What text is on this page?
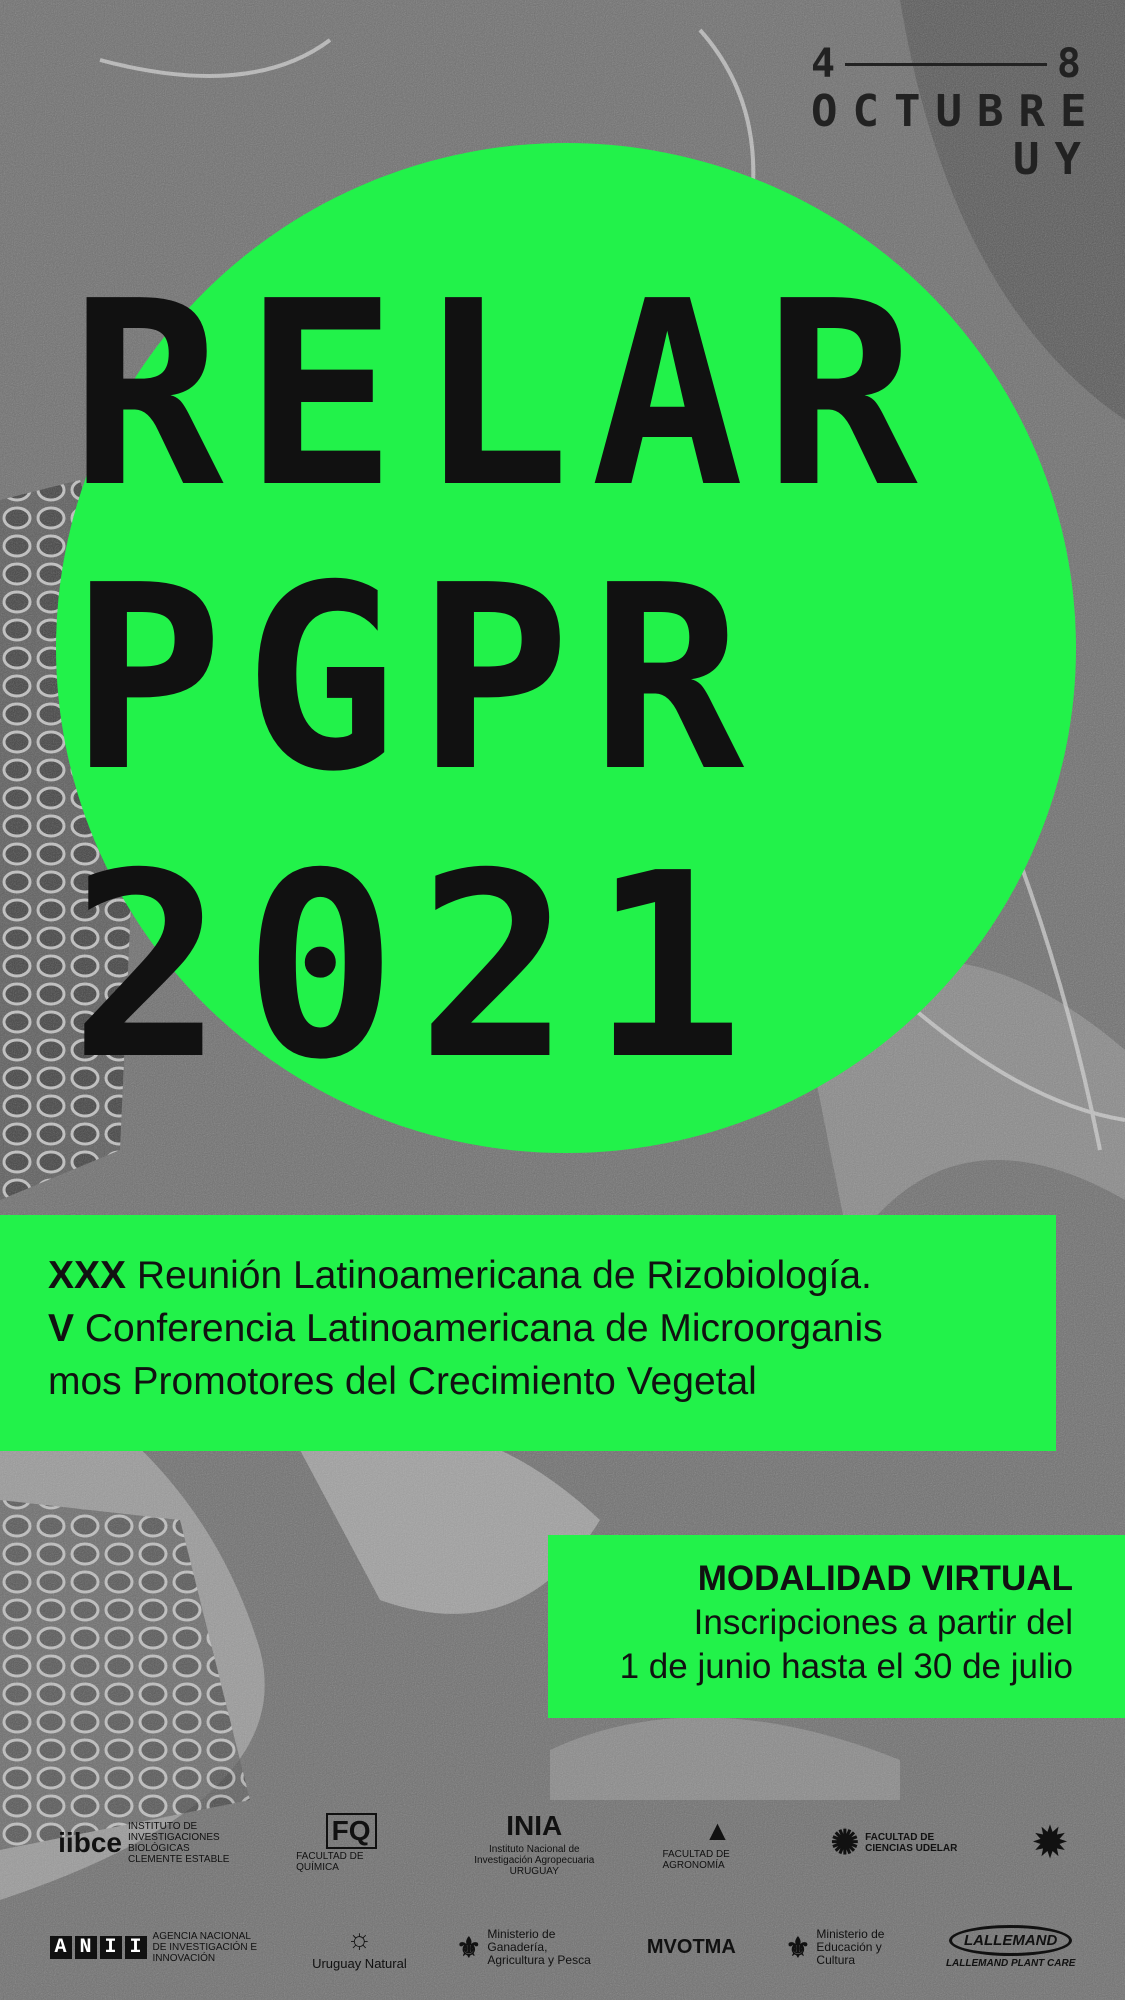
4	8
OCTUBRE
UY
RELAR
PGPR
2021
XXX Reunión Latinoamericana de Rizobiología.
V Conferencia Latinoamericana de Microorganis
mos Promotores del Crecimiento Vegetal
MODALIDAD VIRTUAL
Inscripciones a partir del
1 de junio hasta el 30 de julio
iibce
INSTITUTO DE INVESTIGACIONES BIOLÓGICAS CLEMENTE ESTABLE
FQ
FACULTAD DE QUÍMICA
INIA
Instituto Nacional de Investigación Agropecuaria URUGUAY
▲
FACULTAD DE AGRONOMÍA
✺ FACULTAD DE CIENCIAS UDELAR	✹
A N I I	AGENCIA NACIONAL DE INVESTIGACIÓN E INNOVACIÓN
☼
Uruguay Natural
⚜ Ministerio de Ganadería, Agricultura y Pesca
MVOTMA ⚜ Ministerio de Educación y Cultura
LALLEMAND
LALLEMAND PLANT CARE
